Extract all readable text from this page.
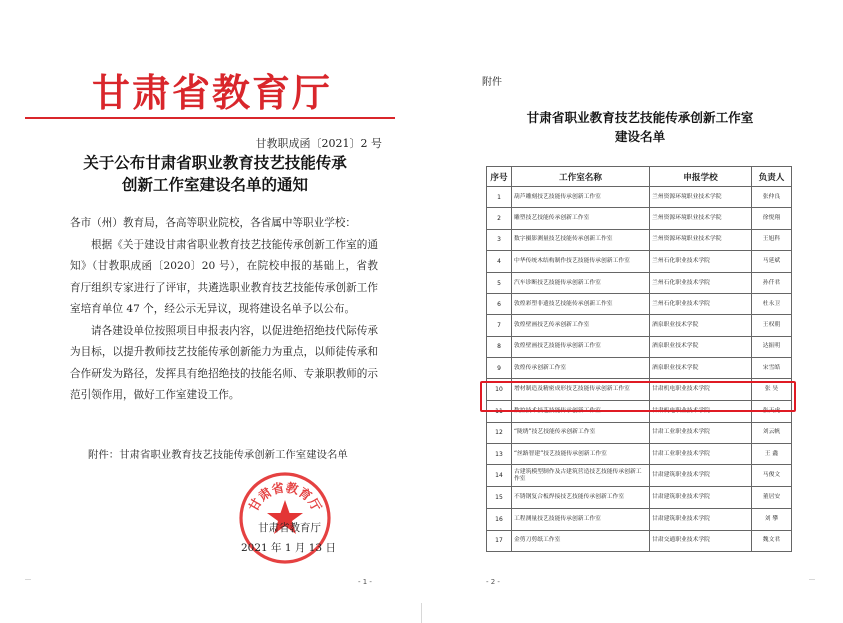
甘肃省教育厅
甘教职成函〔2021〕2 号
关于公布甘肃省职业教育技艺技能传承
创新工作室建设名单的通知

各市（州）教育局，各高等职业院校，各省属中等职业学校：

根据《关于建设甘肃省职业教育技艺技能传承创新工作室的通知》（甘教职成函〔2020〕20 号），在院校申报的基础上，省教育厅组织专家进行了评审，共遴选职业教育技艺技能传承创新工作室培育单位 47 个，经公示无异议，现将建设名单予以公布。

请各建设单位按照项目申报表内容，以促进绝招绝技代际传承为目标，以提升教师技艺技能传承创新能力为重点，以师徒传承和合作研发为路径，发挥具有绝招绝技的技能名师、专兼职教师的示范引领作用，做好工作室建设工作。

附件：甘肃省职业教育技艺技能传承创新工作室建设名单
甘肃省教育厅
甘肃省教育厅
2021 年 1 月 13 日
- 1 -
附件
甘肃省职业教育技艺技能传承创新工作室
建设名单
序号	工作室名称	申报学校	负责人
1	葫芦雕刻技艺技能传承创新工作室	兰州资源环境职业技术学院	张仲良
2	雕塑技艺技能传承创新工作室	兰州资源环境职业技术学院	徐悦翔
3	数字摄影测量技艺技能传承创新工作室	兰州资源环境职业技术学院	王旭科
4	中华传统木结构制作技艺技能传承创新工作室	兰州石化职业技术学院	马延斌
5	汽车诊断技艺技能传承创新工作室	兰州石化职业技术学院	孙仟君
6	敦煌彩塑非遗技艺技能传承创新工作室	兰州石化职业技术学院	杜永卫
7	敦煌壁画技艺传承创新工作室	酒泉职业技术学院	王权朝
8	敦煌壁画技艺技能传承创新工作室	酒泉职业技术学院	达振明
9	敦煌传承创新工作室	酒泉职业技术学院	宋雪皓
10	增材制造及精密成形技艺技能传承创新工作室	甘肃机电职业技术学院	张 昊
11	数控技术技艺技能传承创新工作室	甘肃机电职业技术学院	张天虎
12	“陇绣”技艺技能传承创新工作室	甘肃工业职业技术学院	刘云帆
13	“丝路智建”技艺技能传承创新工作室	甘肃工业职业技术学院	王 鑫
14	古建筑模型制作及古建筑营造技艺技能传承创新工作室	甘肃建筑职业技术学院	马俊文
15	不锈钢复合板焊接技艺技能传承创新工作室	甘肃建筑职业技术学院	董居安
16	工程测量技艺技能传承创新工作室	甘肃建筑职业技术学院	刘 攀
17	金剪刀剪纸工作室	甘肃交通职业技术学院	魏文君
- 2 -
